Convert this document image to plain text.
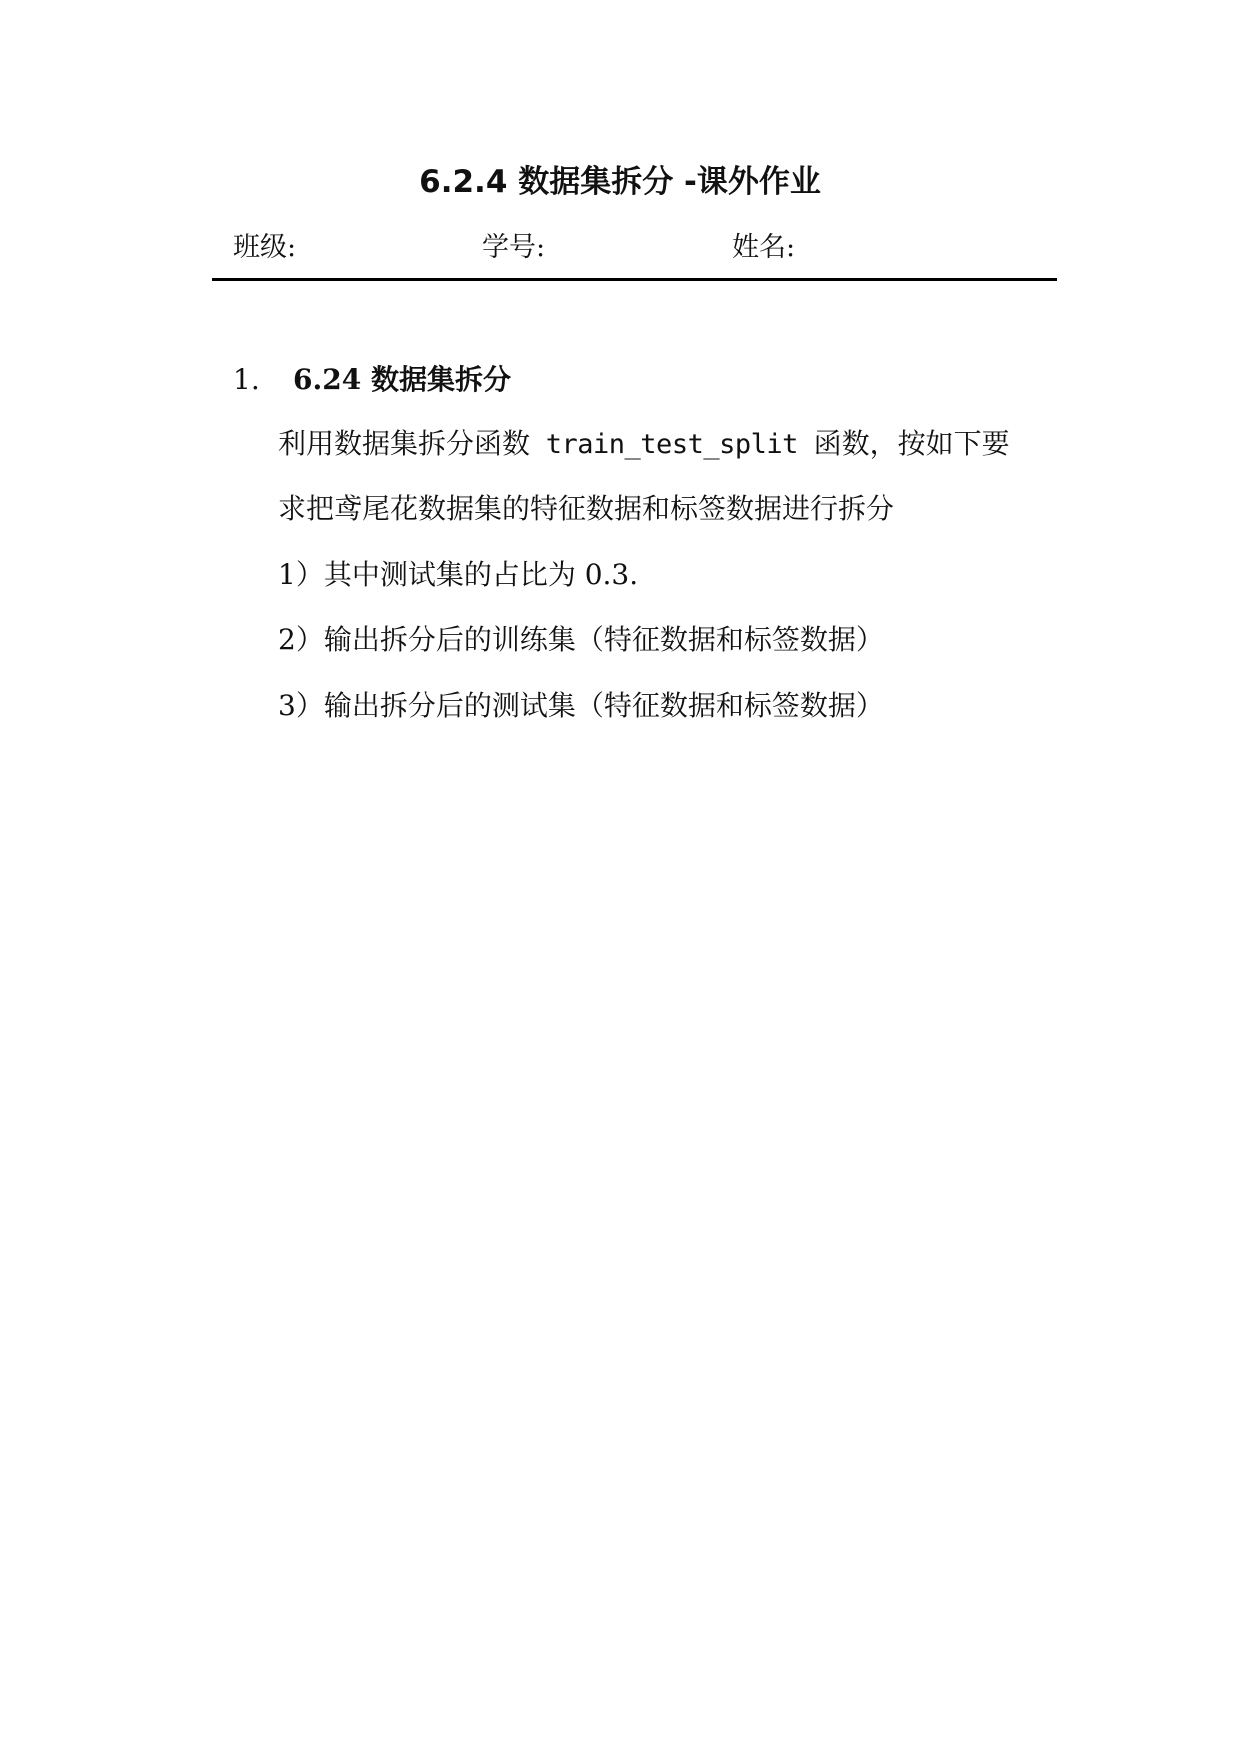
6.2.4 数据集拆分 -课外作业
班级:	学号:	姓名:
1. 6.24 数据集拆分
利用数据集拆分函数 train_test_split 函数，按如下要
求把鸢尾花数据集的特征数据和标签数据进行拆分
1）其中测试集的占比为 0.3.
2）输出拆分后的训练集（特征数据和标签数据）
3）输出拆分后的测试集（特征数据和标签数据）
